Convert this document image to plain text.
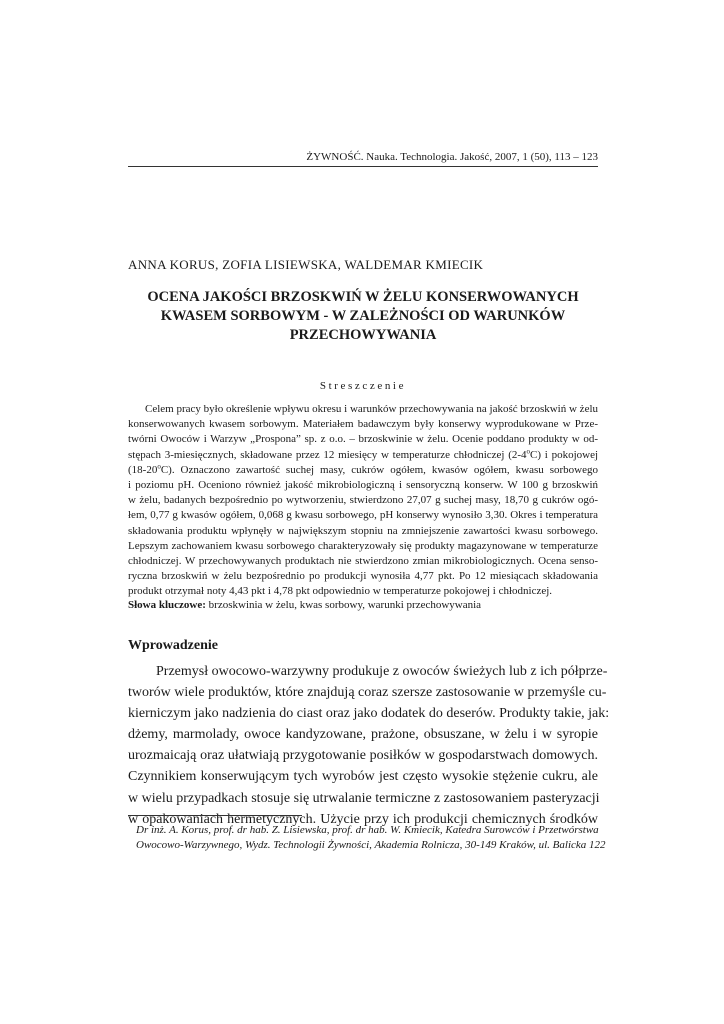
ŻYWNOŚĆ. Nauka. Technologia. Jakość, 2007, 1 (50), 113 – 123
ANNA KORUS, ZOFIA LISIEWSKA, WALDEMAR KMIECIK
OCENA JAKOŚCI BRZOSKWIŃ W ŻELU KONSERWOWANYCH
KWASEM SORBOWYM - W ZALEŻNOŚCI OD WARUNKÓW
PRZECHOWYWANIA
Streszczenie
Celem pracy było określenie wpływu okresu i warunków przechowywania na jakość brzoskwiń w żelu
konserwowanych kwasem sorbowym. Materiałem badawczym były konserwy wyprodukowane w Prze-
twórni Owoców i Warzyw „Prospona” sp. z o.o. – brzoskwinie w żelu. Ocenie poddano produkty w od-
stępach 3-miesięcznych, składowane przez 12 miesięcy w temperaturze chłodniczej (2-4$^o$C) i pokojowej
(18-20$^o$C). Oznaczono zawartość suchej masy, cukrów ogółem, kwasów ogółem, kwasu sorbowego
i poziomu pH. Oceniono również jakość mikrobiologiczną i sensoryczną konserw. W 100 g brzoskwiń
w żelu, badanych bezpośrednio po wytworzeniu, stwierdzono 27,07 g suchej masy, 18,70 g cukrów ogó-
łem, 0,77 g kwasów ogółem, 0,068 g kwasu sorbowego, pH konserwy wynosiło 3,30. Okres i temperatura
składowania produktu wpłynęły w największym stopniu na zmniejszenie zawartości kwasu sorbowego.
Lepszym zachowaniem kwasu sorbowego charakteryzowały się produkty magazynowane w temperaturze
chłodniczej. W przechowywanych produktach nie stwierdzono zmian mikrobiologicznych. Ocena senso-
ryczna brzoskwiń w żelu bezpośrednio po produkcji wynosiła 4,77 pkt. Po 12 miesiącach składowania
produkt otrzymał noty 4,43 pkt i 4,78 pkt odpowiednio w temperaturze pokojowej i chłodniczej.
Słowa kluczowe: brzoskwinia w żelu, kwas sorbowy, warunki przechowywania
Wprowadzenie
Przemysł owocowo-warzywny produkuje z owoców świeżych lub z ich półprze-
tworów wiele produktów, które znajdują coraz szersze zastosowanie w przemyśle cu-
kierniczym jako nadzienia do ciast oraz jako dodatek do deserów. Produkty takie, jak:
dżemy, marmolady, owoce kandyzowane, prażone, obsuszane, w żelu i w syropie
urozmaicają oraz ułatwiają przygotowanie posiłków w gospodarstwach domowych.
Czynnikiem konserwującym tych wyrobów jest często wysokie stężenie cukru, ale
w wielu przypadkach stosuje się utrwalanie termiczne z zastosowaniem pasteryzacji
w opakowaniach hermetycznych. Użycie przy ich produkcji chemicznych środków
Dr inż. A. Korus, prof. dr hab. Z. Lisiewska, prof. dr hab. W. Kmiecik, Katedra Surowców i Przetwórstwa
Owocowo-Warzywnego, Wydz. Technologii Żywności, Akademia Rolnicza, 30-149 Kraków, ul. Balicka 122
